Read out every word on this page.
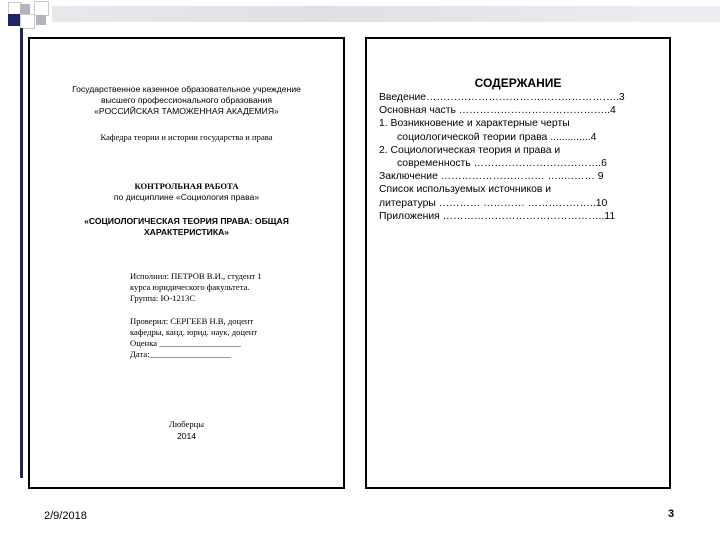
Государственное казенное образовательное учреждение
высшего профессионального образования
«РОССИЙСКАЯ ТАМОЖЕННАЯ АКАДЕМИЯ»
Кафедра теории и истории государства и права
КОНТРОЛЬНАЯ РАБОТА
по дисциплине «Социология права»
«СОЦИОЛОГИЧЕСКАЯ ТЕОРИЯ ПРАВА: ОБЩАЯ
ХАРАКТЕРИСТИКА»
Исполнил: ПЕТРОВ В.И., студент 1
курса юридического факультета.
Группа: Ю-1213С
Проверил: СЕРГЕЕВ Н.В, доцент
кафедры, канд. юрид. наук, доцент
Оценка ___________________
Дата:___________________
Люберцы
2014
СОДЕРЖАНИЕ
Введение………………………………………………..3
Основная часть ……………………………………..4
1. Возникновение и характерные черты
социологической теории права ..............4
2. Социологическая теория и права и
современность ……………………………….6
Заключение ………………………… …..……… 9
Список используемых источников и
литературы ………… ………… ………………..10
Приложения ………………………………………..11
2/9/2018	3
